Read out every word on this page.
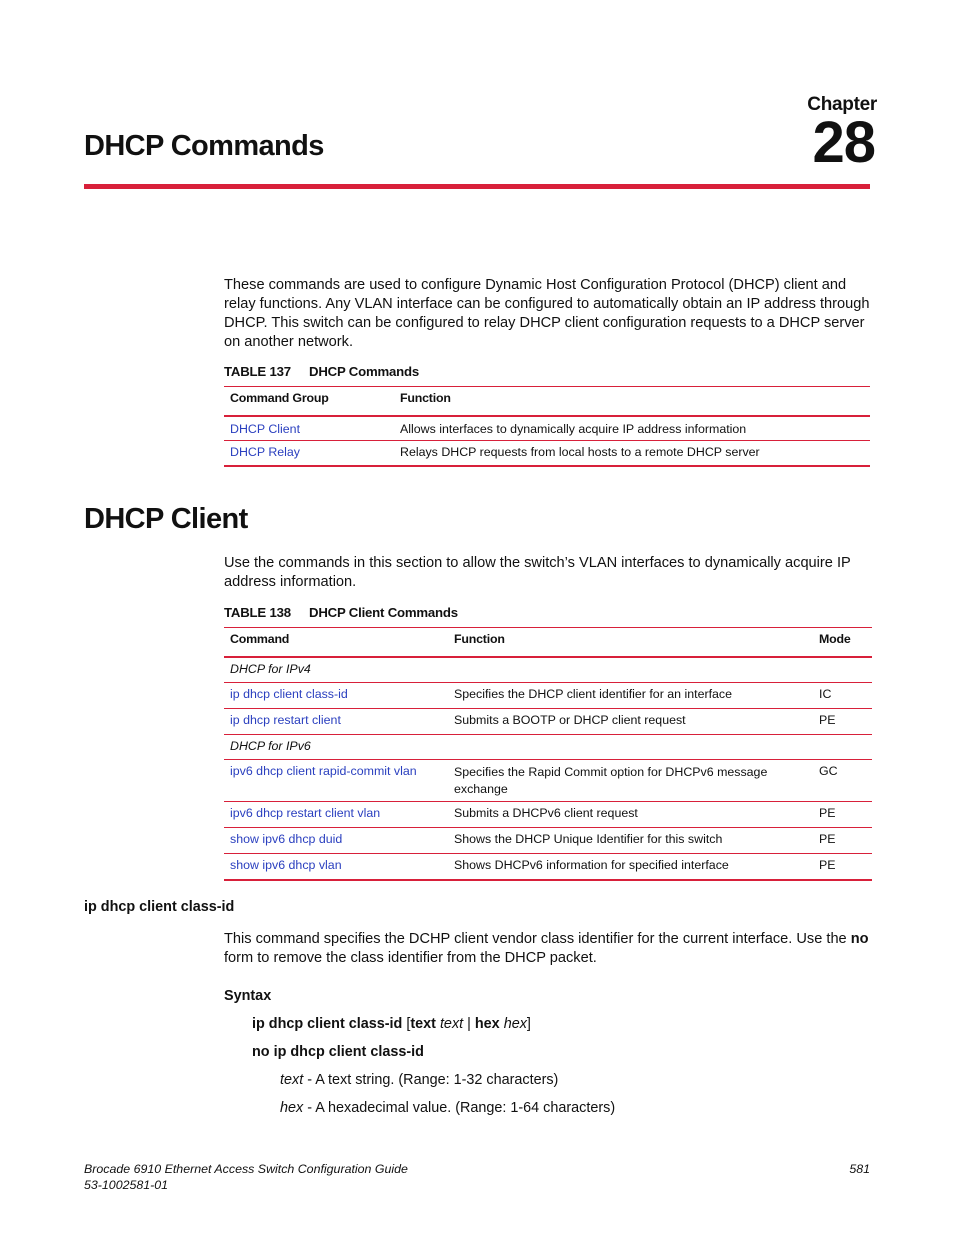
Chapter
28
DHCP Commands
These commands are used to configure Dynamic Host Configuration Protocol (DHCP) client and relay functions. Any VLAN interface can be configured to automatically obtain an IP address through DHCP. This switch can be configured to relay DHCP client configuration requests to a DHCP server on another network.
TABLE 137 DHCP Commands
Command Group	Function
DHCP Client	Allows interfaces to dynamically acquire IP address information
DHCP Relay	Relays DHCP requests from local hosts to a remote DHCP server
DHCP Client
Use the commands in this section to allow the switch’s VLAN interfaces to dynamically acquire IP address information.
TABLE 138 DHCP Client Commands
Command	Function	Mode
DHCP for IPv4		
ip dhcp client class-id	Specifies the DHCP client identifier for an interface	IC
ip dhcp restart client	Submits a BOOTP or DHCP client request	PE
DHCP for IPv6		
ipv6 dhcp client rapid-commit vlan	Specifies the Rapid Commit option for DHCPv6 message exchange	GC
ipv6 dhcp restart client vlan	Submits a DHCPv6 client request	PE
show ipv6 dhcp duid	Shows the DHCP Unique Identifier for this switch	PE
show ipv6 dhcp vlan	Shows DHCPv6 information for specified interface	PE
ip dhcp client class-id
This command specifies the DCHP client vendor class identifier for the current interface. Use the no form to remove the class identifier from the DHCP packet.
Syntax
ip dhcp client class-id [text text | hex hex]
no ip dhcp client class-id
text - A text string. (Range: 1-32 characters)
hex - A hexadecimal value. (Range: 1-64 characters)
Brocade 6910 Ethernet Access Switch Configuration Guide
53-1002581-01
581
